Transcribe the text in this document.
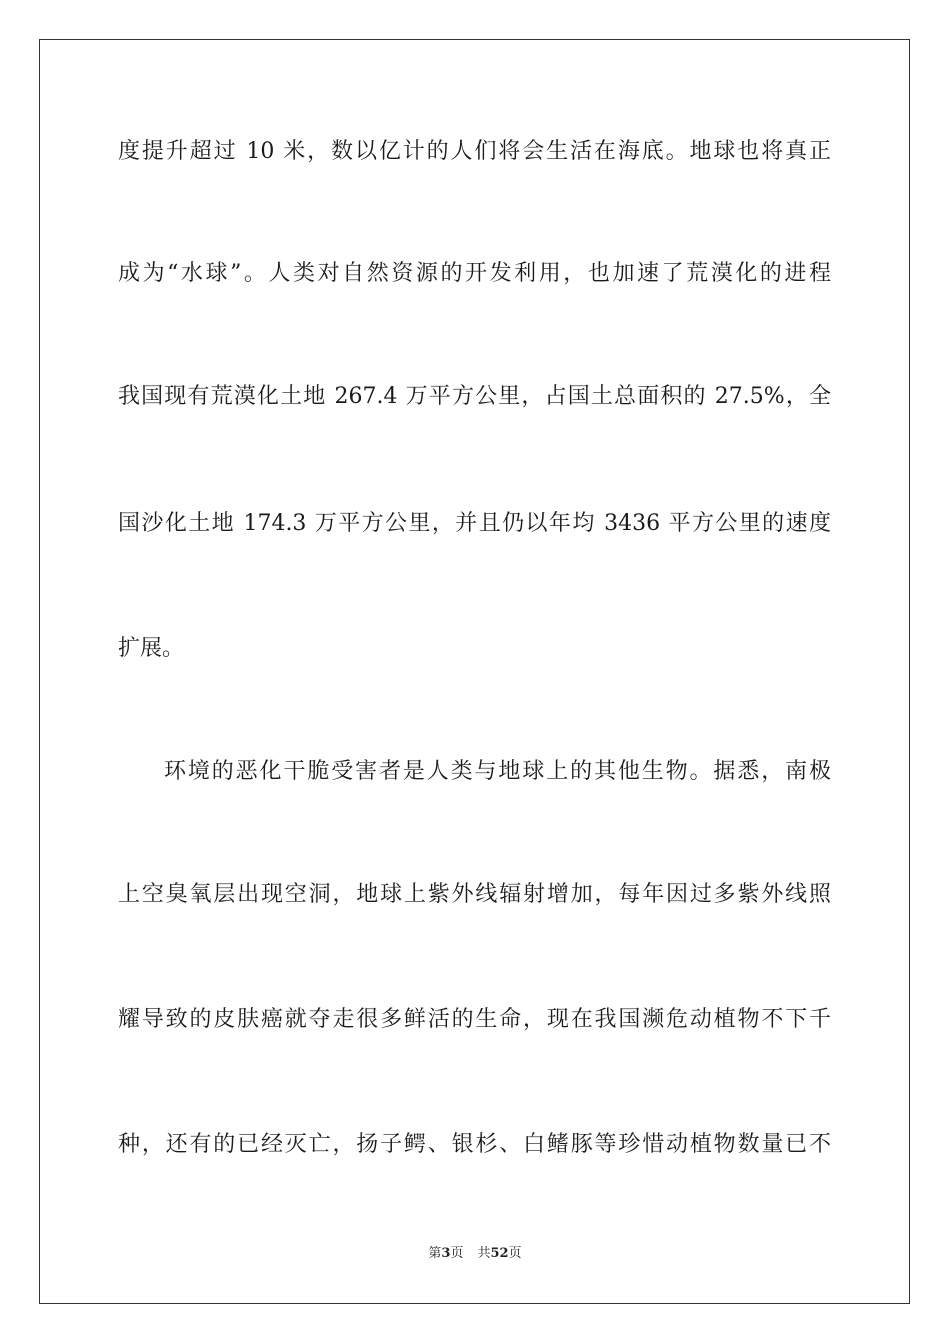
度提升超过 10 米，数以亿计的人们将会生活在海底。地球也将真正
成为“水球”。人类对自然资源的开发利用，也加速了荒漠化的进程
我国现有荒漠化土地 267.4 万平方公里，占国土总面积的 27.5%，全
国沙化土地 174.3 万平方公里，并且仍以年均 3436 平方公里的速度
扩展。
环境的恶化干脆受害者是人类与地球上的其他生物。据悉，南极
上空臭氧层出现空洞，地球上紫外线辐射增加，每年因过多紫外线照
耀导致的皮肤癌就夺走很多鲜活的生命，现在我国濒危动植物不下千
种，还有的已经灭亡，扬子鳄、银杉、白鳍豚等珍惜动植物数量已不
第3页 共52页
